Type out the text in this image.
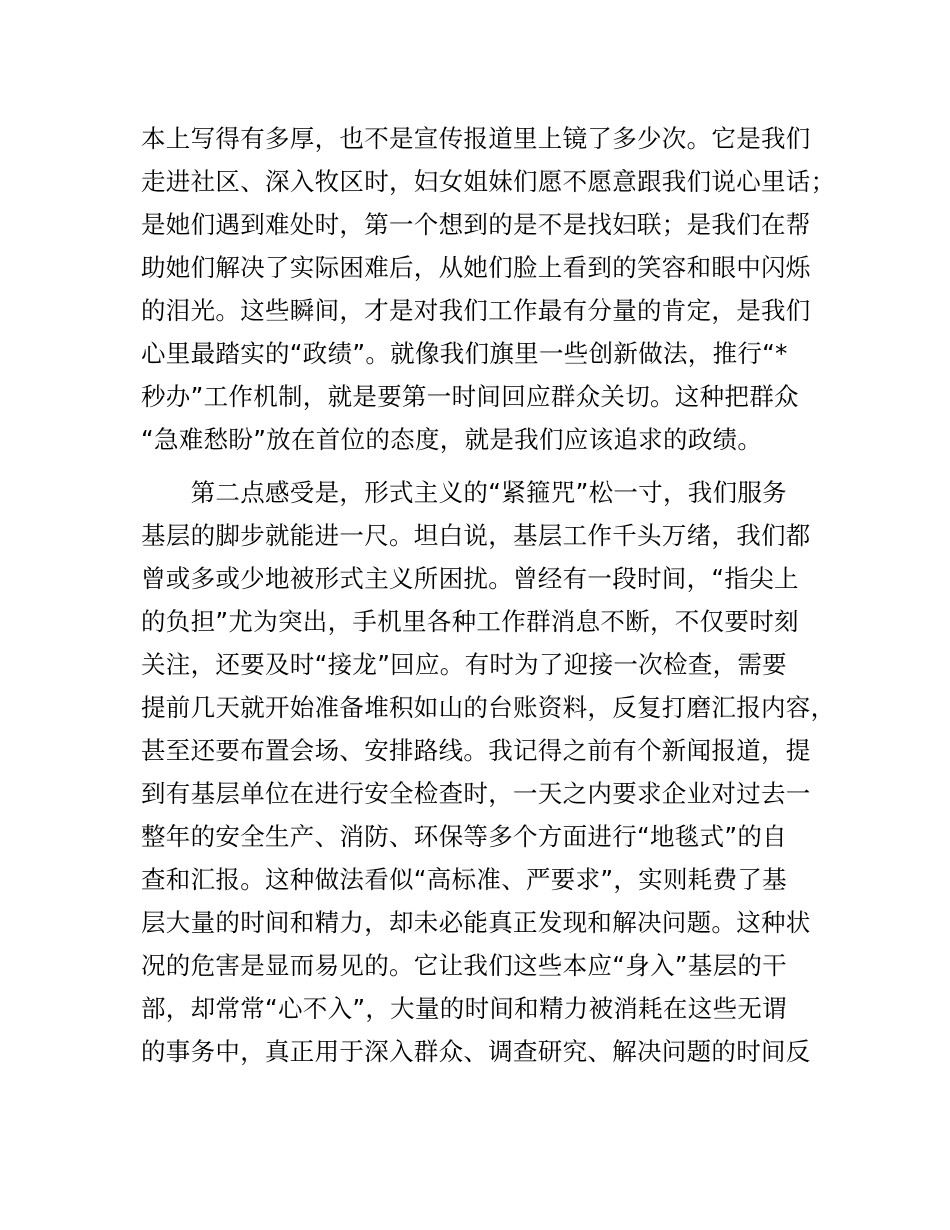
本上写得有多厚，也不是宣传报道里上镜了多少次。它是我们
走进社区、深入牧区时，妇女姐妹们愿不愿意跟我们说心里话；
是她们遇到难处时，第一个想到的是不是找妇联；是我们在帮
助她们解决了实际困难后，从她们脸上看到的笑容和眼中闪烁
的泪光。这些瞬间，才是对我们工作最有分量的肯定，是我们
心里最踏实的“政绩”。就像我们旗里一些创新做法，推行“*
秒办”工作机制，就是要第一时间回应群众关切。这种把群众
“急难愁盼”放在首位的态度，就是我们应该追求的政绩。
　　第二点感受是，形式主义的“紧箍咒”松一寸，我们服务
基层的脚步就能进一尺。坦白说，基层工作千头万绪，我们都
曾或多或少地被形式主义所困扰。曾经有一段时间，“指尖上
的负担”尤为突出，手机里各种工作群消息不断，不仅要时刻
关注，还要及时“接龙”回应。有时为了迎接一次检查，需要
提前几天就开始准备堆积如山的台账资料，反复打磨汇报内容，
甚至还要布置会场、安排路线。我记得之前有个新闻报道，提
到有基层单位在进行安全检查时，一天之内要求企业对过去一
整年的安全生产、消防、环保等多个方面进行“地毯式”的自
查和汇报。这种做法看似“高标准、严要求”，实则耗费了基
层大量的时间和精力，却未必能真正发现和解决问题。这种状
况的危害是显而易见的。它让我们这些本应“身入”基层的干
部，却常常“心不入”，大量的时间和精力被消耗在这些无谓
的事务中，真正用于深入群众、调查研究、解决问题的时间反
